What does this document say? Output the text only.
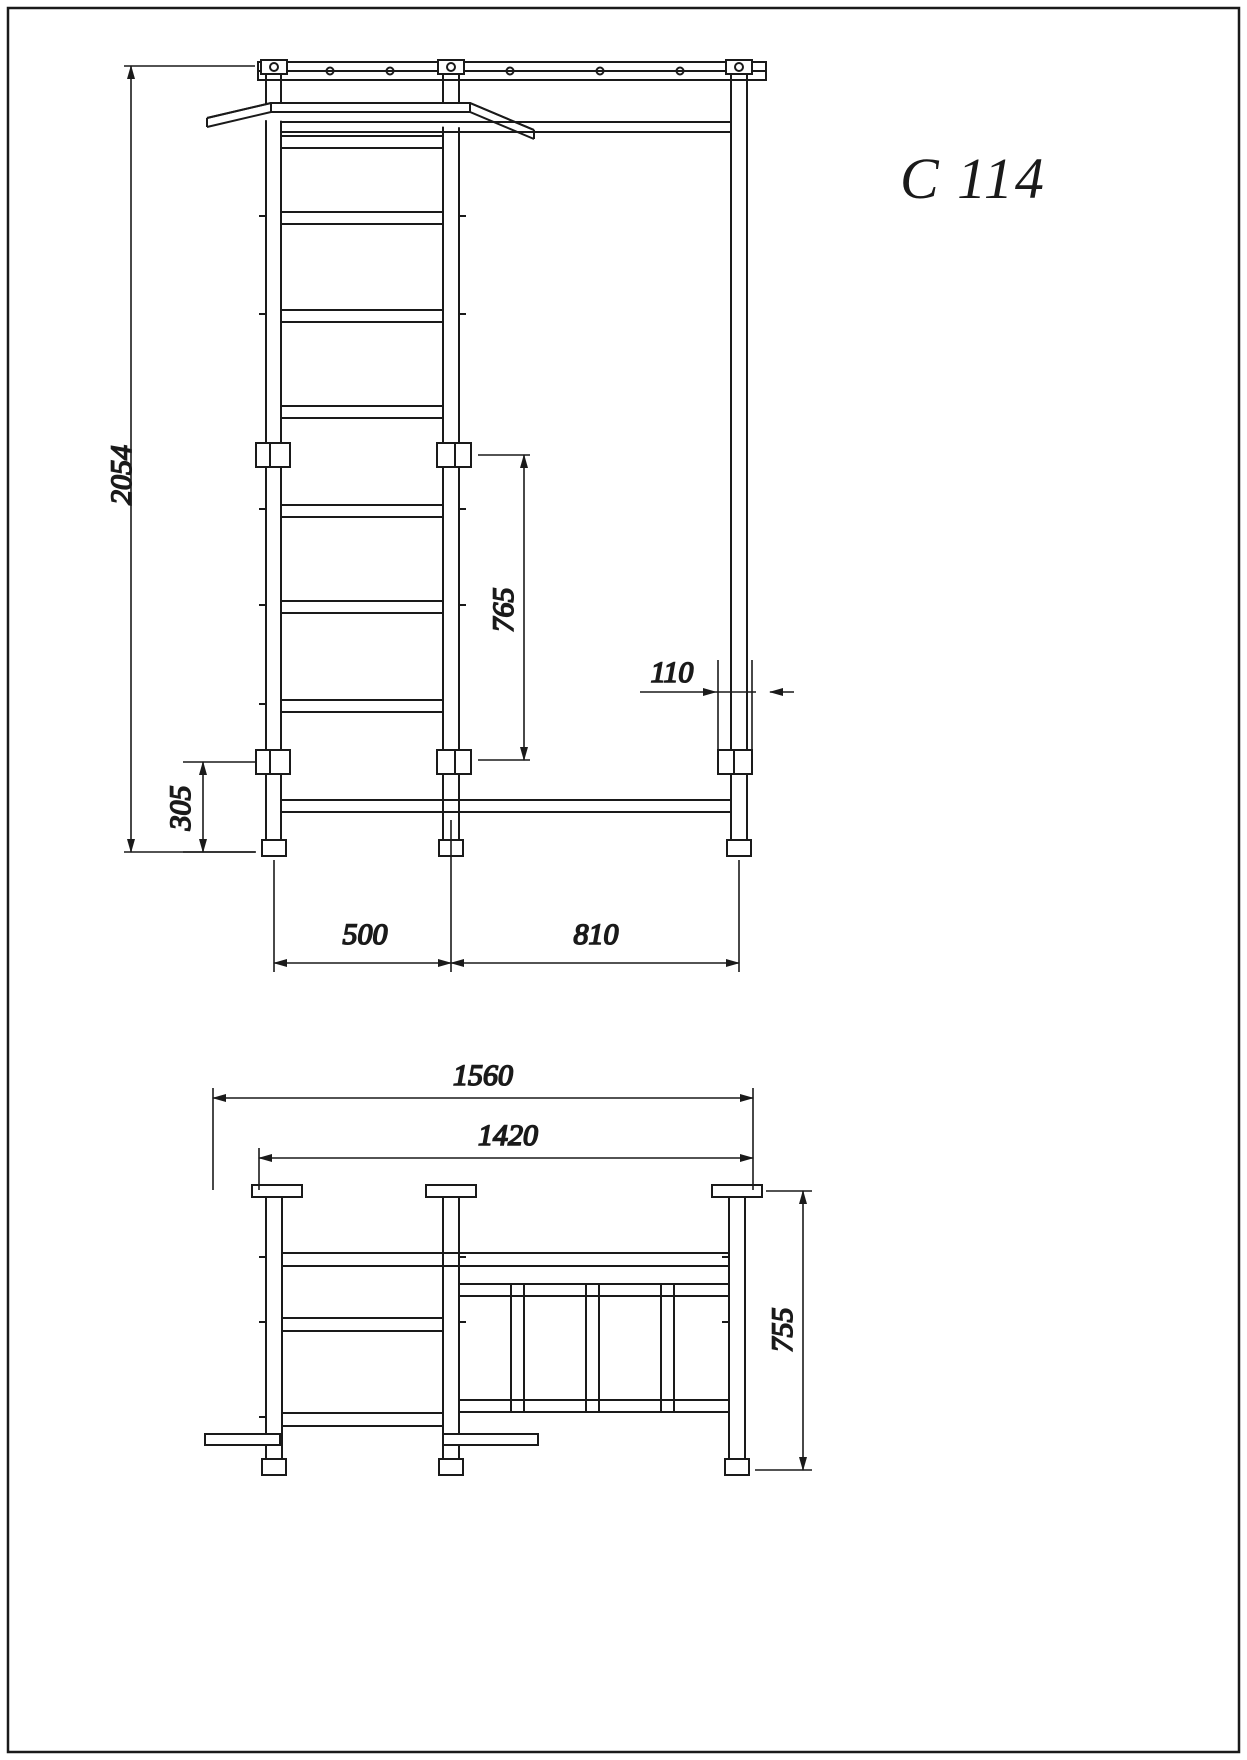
2054
765
305
110
500	810
C 114
1560
1420
755
